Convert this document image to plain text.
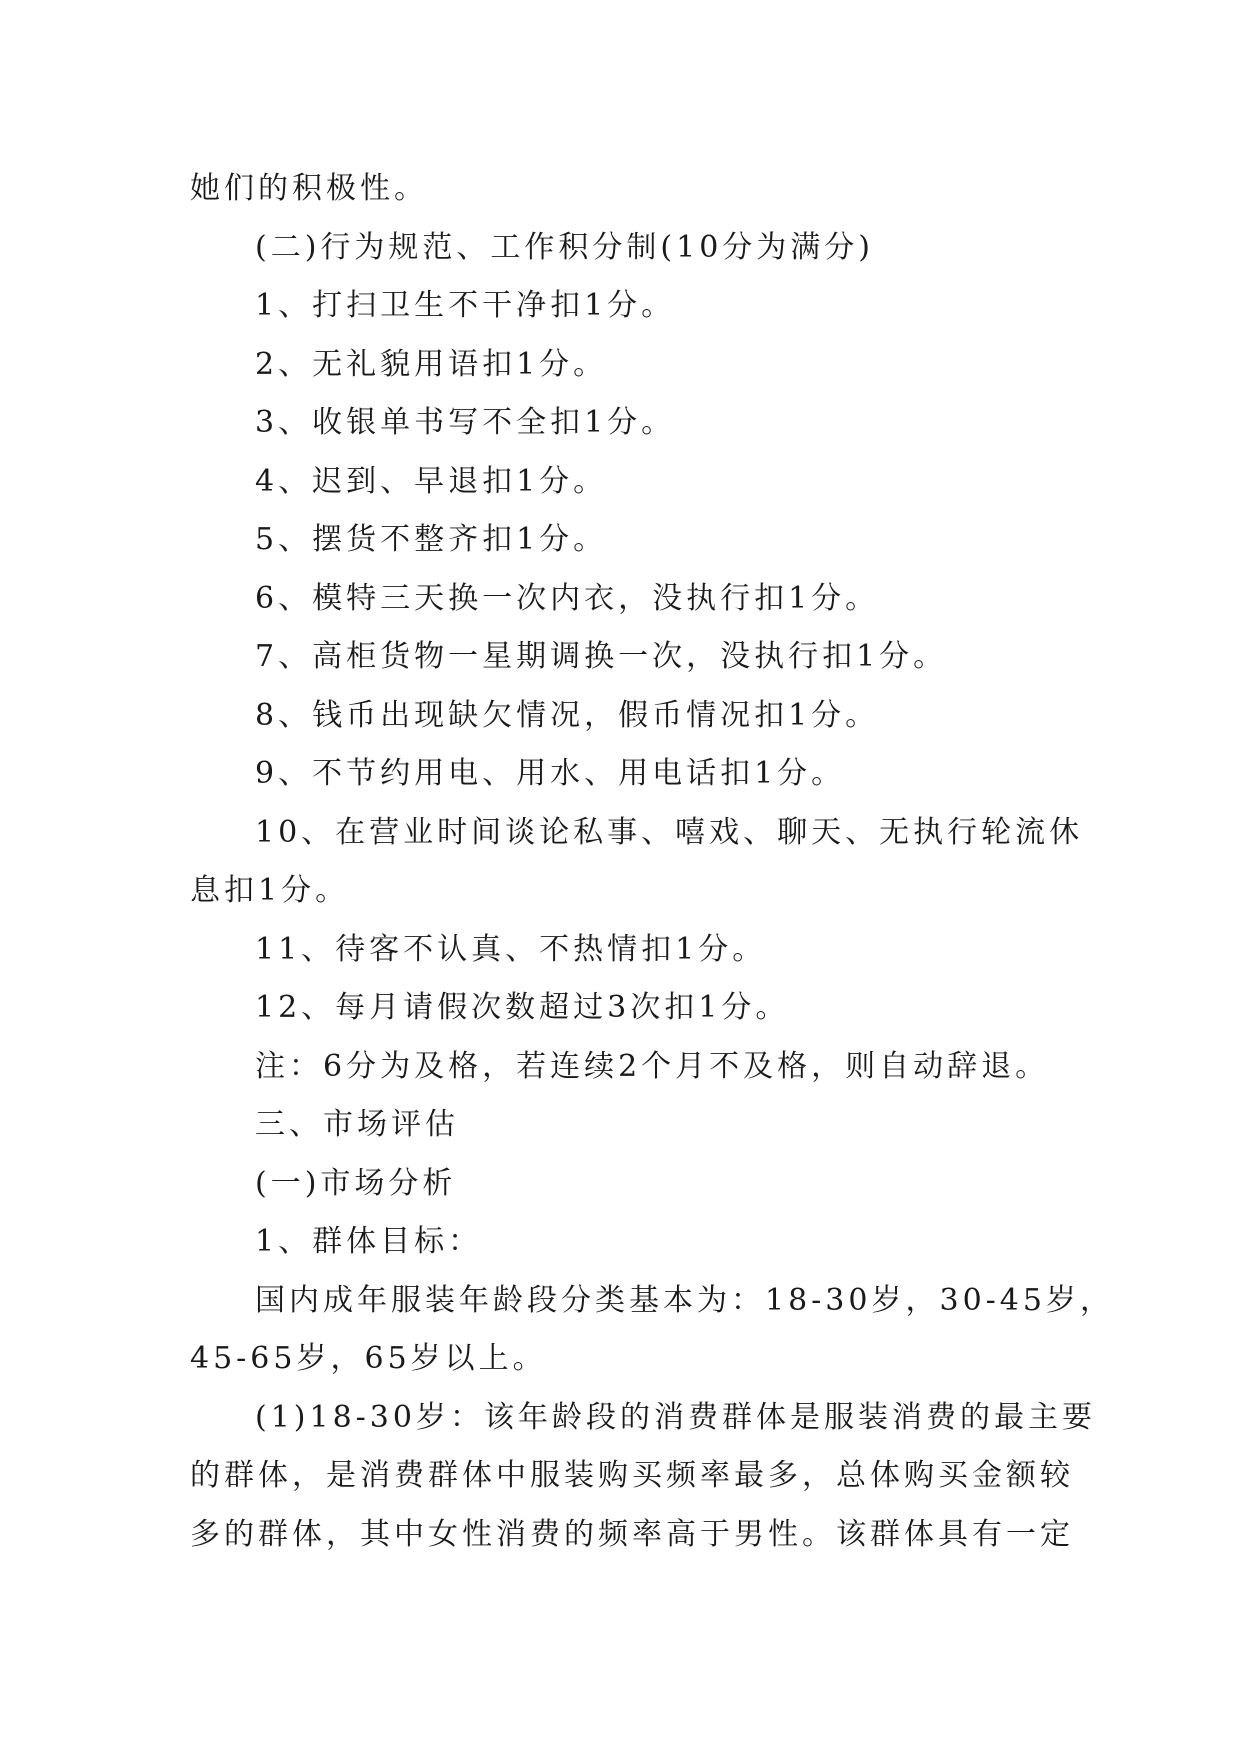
她们的积极性。
(二)行为规范、工作积分制(10分为满分)
1、打扫卫生不干净扣1分。
2、无礼貌用语扣1分。
3、收银单书写不全扣1分。
4、迟到、早退扣1分。
5、摆货不整齐扣1分。
6、模特三天换一次内衣，没执行扣1分。
7、高柜货物一星期调换一次，没执行扣1分。
8、钱币出现缺欠情况，假币情况扣1分。
9、不节约用电、用水、用电话扣1分。
10、在营业时间谈论私事、嘻戏、聊天、无执行轮流休
息扣1分。
11、待客不认真、不热情扣1分。
12、每月请假次数超过3次扣1分。
注：6分为及格，若连续2个月不及格，则自动辞退。
三、市场评估
(一)市场分析
1、群体目标：
国内成年服装年龄段分类基本为：18-30岁，30-45岁，
45-65岁，65岁以上。
(1)18-30岁：该年龄段的消费群体是服装消费的最主要
的群体，是消费群体中服装购买频率最多，总体购买金额较
多的群体，其中女性消费的频率高于男性。该群体具有一定
